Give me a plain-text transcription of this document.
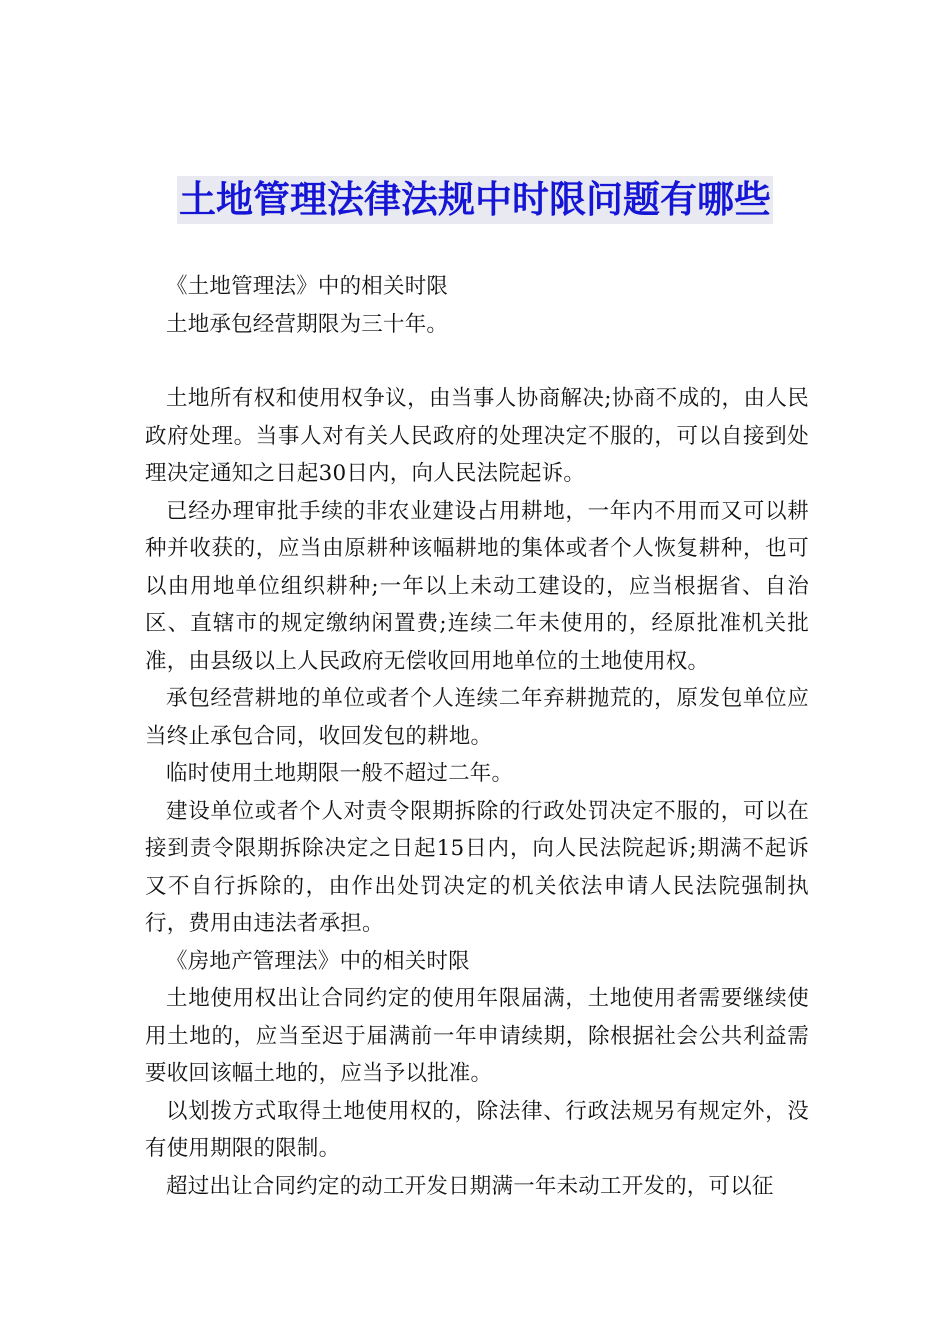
土地管理法律法规中时限问题有哪些

《土地管理法》中的相关时限

土地承包经营期限为三十年。

土地所有权和使用权争议，由当事人协商解决;协商不成的，由人民政府处理。当事人对有关人民政府的处理决定不服的，可以自接到处理决定通知之日起30日内，向人民法院起诉。

已经办理审批手续的非农业建设占用耕地，一年内不用而又可以耕种并收获的，应当由原耕种该幅耕地的集体或者个人恢复耕种，也可以由用地单位组织耕种;一年以上未动工建设的，应当根据省、自治区、直辖市的规定缴纳闲置费;连续二年未使用的，经原批准机关批准，由县级以上人民政府无偿收回用地单位的土地使用权。

承包经营耕地的单位或者个人连续二年弃耕抛荒的，原发包单位应当终止承包合同，收回发包的耕地。

临时使用土地期限一般不超过二年。

建设单位或者个人对责令限期拆除的行政处罚决定不服的，可以在接到责令限期拆除决定之日起15日内，向人民法院起诉;期满不起诉又不自行拆除的，由作出处罚决定的机关依法申请人民法院强制执行，费用由违法者承担。

《房地产管理法》中的相关时限

土地使用权出让合同约定的使用年限届满，土地使用者需要继续使用土地的，应当至迟于届满前一年申请续期，除根据社会公共利益需要收回该幅土地的，应当予以批准。

以划拨方式取得土地使用权的，除法律、行政法规另有规定外，没有使用期限的限制。

超过出让合同约定的动工开发日期满一年未动工开发的，可以征
